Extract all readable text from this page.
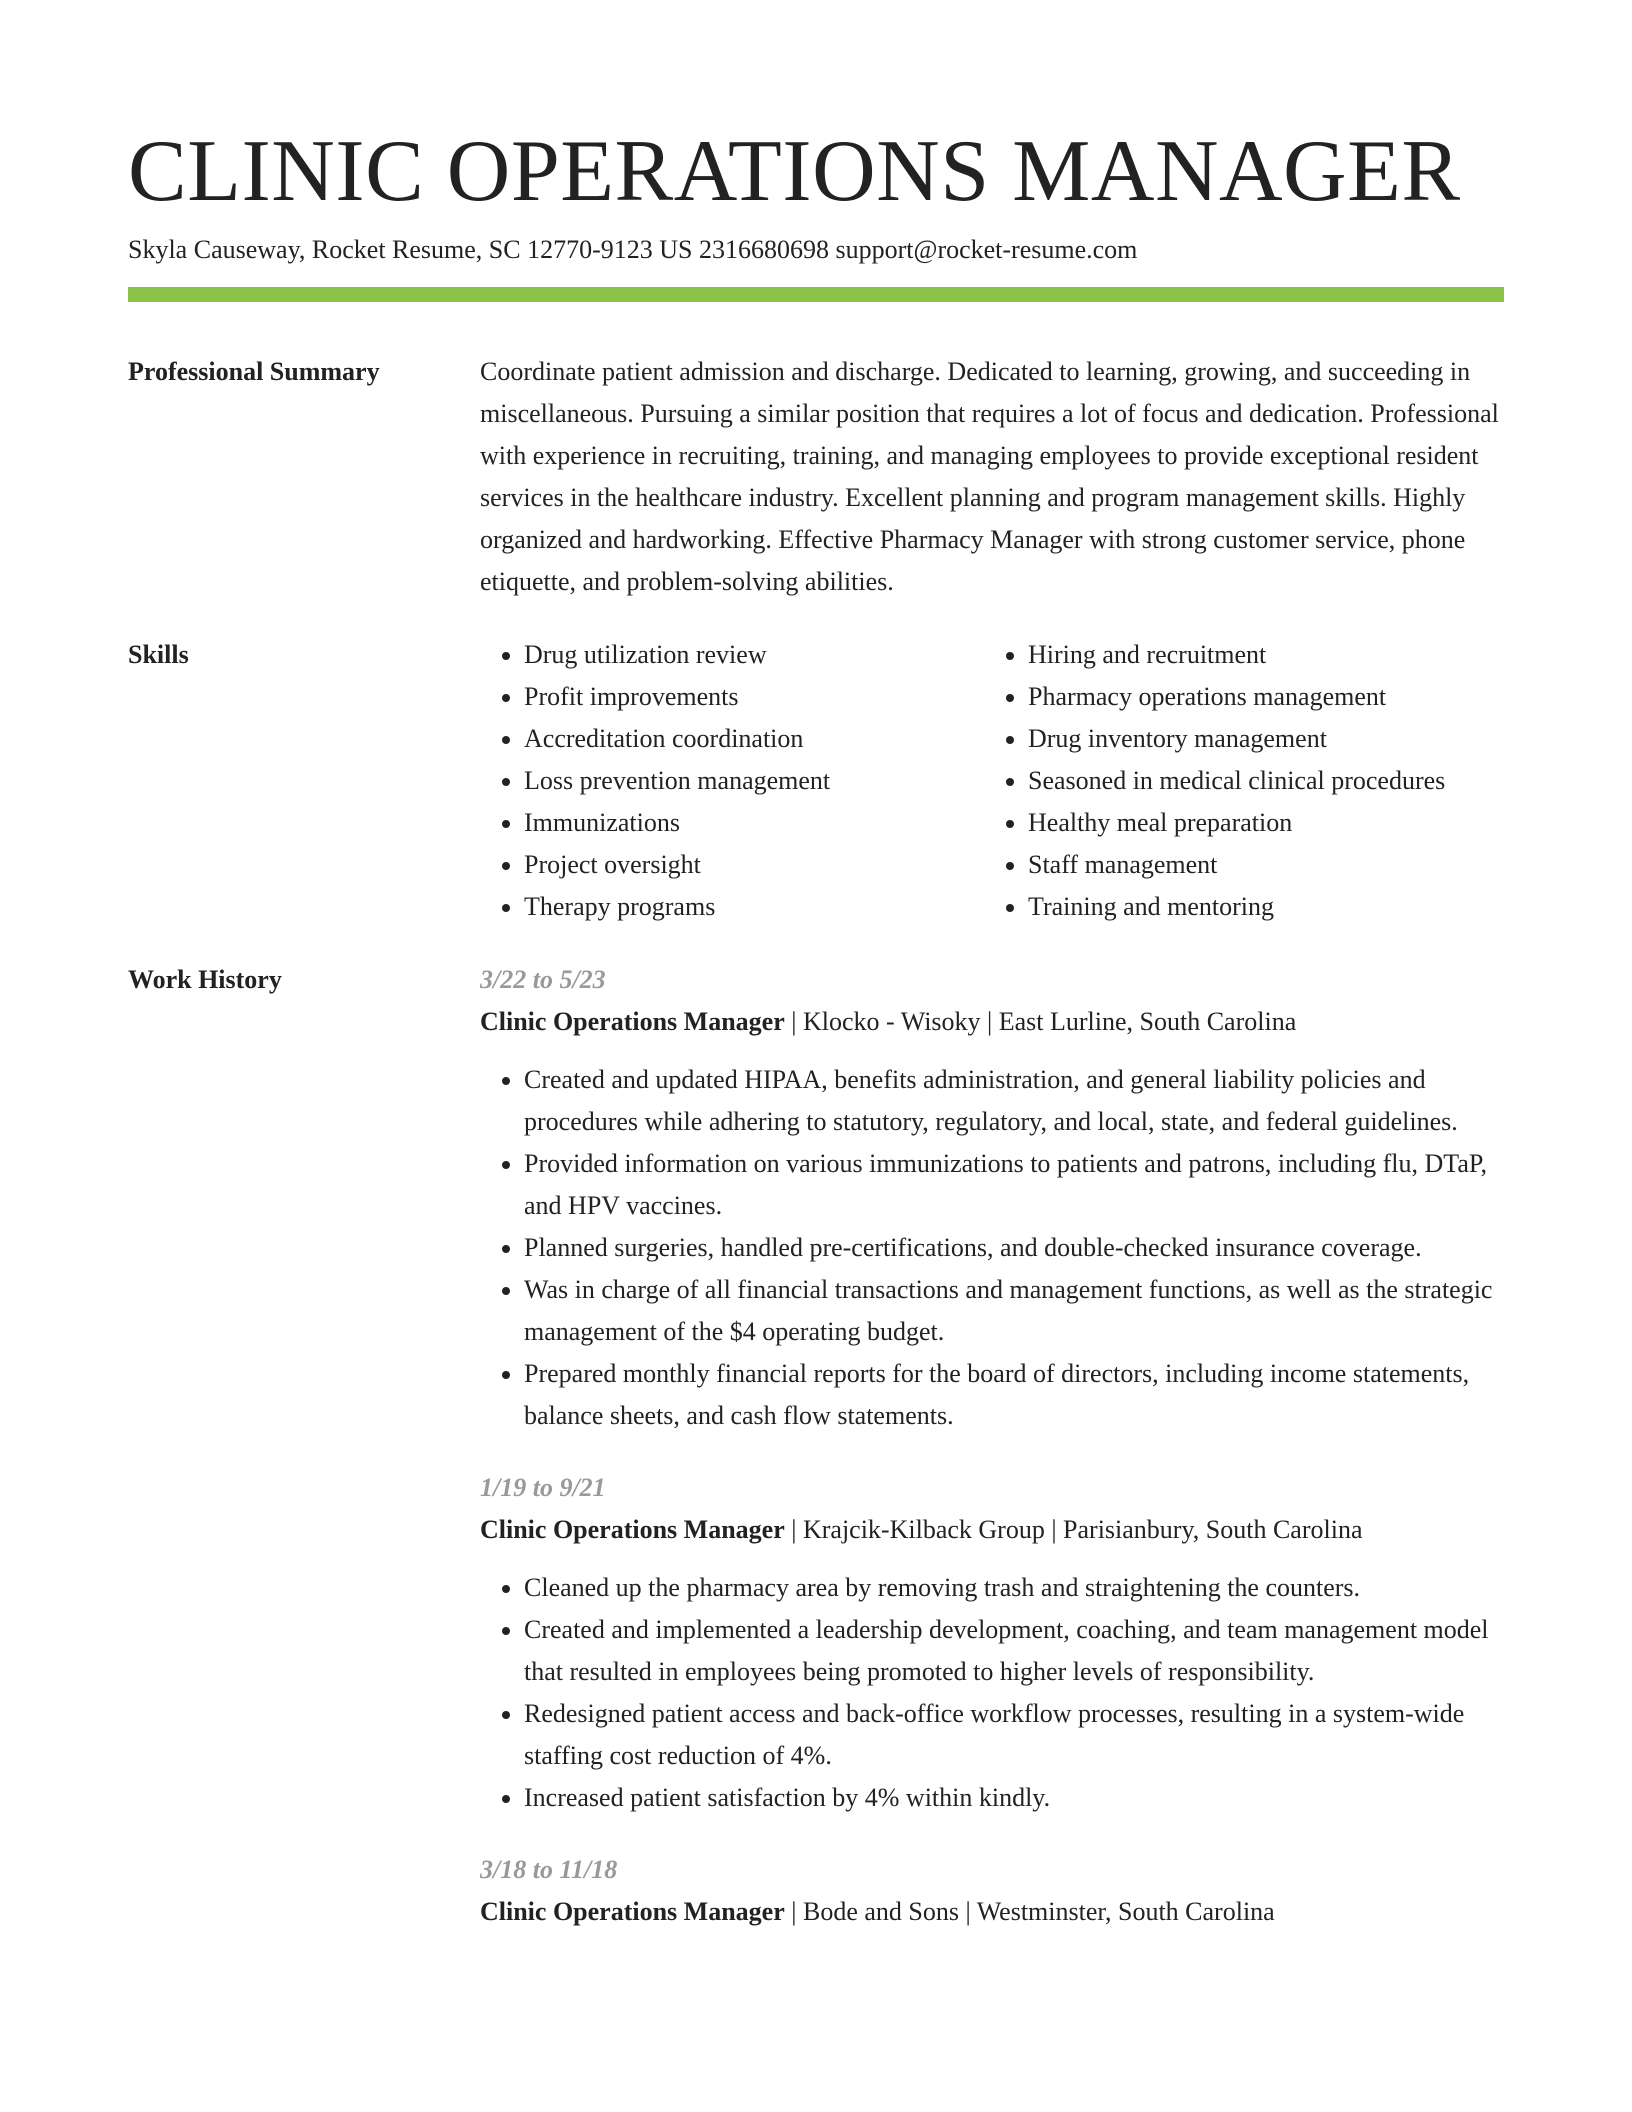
CLINIC OPERATIONS MANAGER
Skyla Causeway, Rocket Resume, SC 12770-9123 US 2316680698 support@rocket-resume.com
Professional Summary	Coordinate patient admission and discharge. Dedicated to learning, growing, and succeeding in miscellaneous. Pursuing a similar position that requires a lot of focus and dedication. Professional with experience in recruiting, training, and managing employees to provide exceptional resident services in the healthcare industry. Excellent planning and program management skills. Highly organized and hardworking. Effective Pharmacy Manager with strong customer service, phone etiquette, and problem-solving abilities.

Skills
•	Drug utilization review
• Profit improvements
• Accreditation coordination
• Loss prevention management
• Immunizations
• Project oversight
• Therapy programs
• Hiring and recruitment
• Pharmacy operations management
• Drug inventory management
• Seasoned in medical clinical procedures
• Healthy meal preparation
• Staff management
• Training and mentoring
Work History	3/22 to 5/23
Clinic Operations Manager | Klocko - Wisoky | East Lurline, South Carolina
• Created and updated HIPAA, benefits administration, and general liability policies and procedures while adhering to statutory, regulatory, and local, state, and federal guidelines.
• Provided information on various immunizations to patients and patrons, including flu, DTaP, and HPV vaccines.
• Planned surgeries, handled pre-certifications, and double-checked insurance coverage.
• Was in charge of all financial transactions and management functions, as well as the strategic management of the $4 operating budget.
• Prepared monthly financial reports for the board of directors, including income statements, balance sheets, and cash flow statements.
1/19 to 9/21
Clinic Operations Manager | Krajcik-Kilback Group | Parisianbury, South Carolina
• Cleaned up the pharmacy area by removing trash and straightening the counters.
• Created and implemented a leadership development, coaching, and team management model that resulted in employees being promoted to higher levels of responsibility.
• Redesigned patient access and back-office workflow processes, resulting in a system-wide staffing cost reduction of 4%.
• Increased patient satisfaction by 4% within kindly.
3/18 to 11/18
Clinic Operations Manager | Bode and Sons | Westminster, South Carolina
